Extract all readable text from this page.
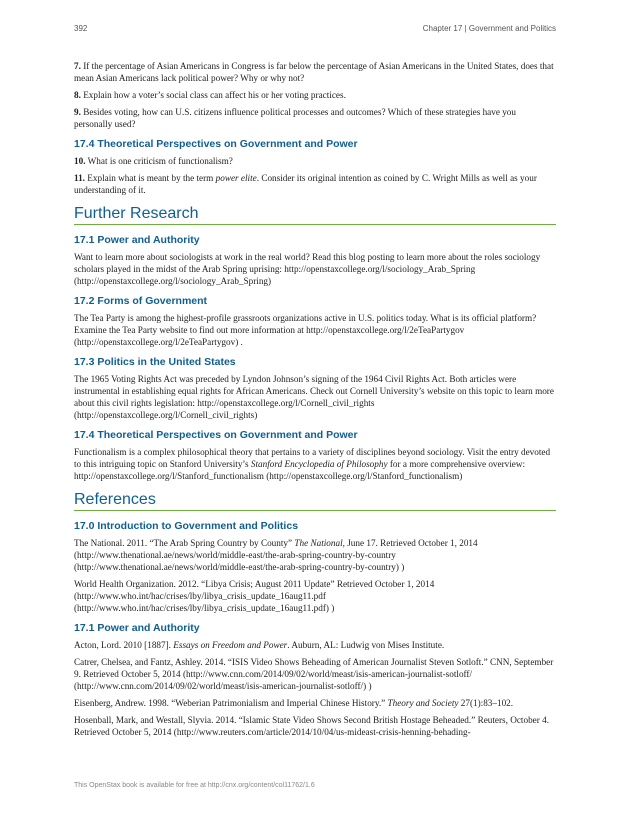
392	Chapter 17 | Government and Politics

7. If the percentage of Asian Americans in Congress is far below the percentage of Asian Americans in the United States, does that mean Asian Americans lack political power? Why or why not?

8. Explain how a voter’s social class can affect his or her voting practices.

9. Besides voting, how can U.S. citizens influence political processes and outcomes? Which of these strategies have you personally used?

17.4 Theoretical Perspectives on Government and Power

10. What is one criticism of functionalism?

11. Explain what is meant by the term power elite. Consider its original intention as coined by C. Wright Mills as well as your understanding of it.

Further Research
17.1 Power and Authority

Want to learn more about sociologists at work in the real world? Read this blog posting to learn more about the roles sociology scholars played in the midst of the Arab Spring uprising: http://openstaxcollege.org/l/sociology_Arab_Spring (http://openstaxcollege.org/l/sociology_Arab_Spring)

17.2 Forms of Government

The Tea Party is among the highest-profile grassroots organizations active in U.S. politics today. What is its official platform? Examine the Tea Party website to find out more information at http://openstaxcollege.org/l/2eTeaPartygov (http://openstaxcollege.org/l/2eTeaPartygov) .

17.3 Politics in the United States

The 1965 Voting Rights Act was preceded by Lyndon Johnson’s signing of the 1964 Civil Rights Act. Both articles were instrumental in establishing equal rights for African Americans. Check out Cornell University’s website on this topic to learn more about this civil rights legislation: http://openstaxcollege.org/l/Cornell_civil_rights (http://openstaxcollege.org/l/Cornell_civil_rights)

17.4 Theoretical Perspectives on Government and Power

Functionalism is a complex philosophical theory that pertains to a variety of disciplines beyond sociology. Visit the entry devoted to this intriguing topic on Stanford University’s Stanford Encyclopedia of Philosophy for a more comprehensive overview: http://openstaxcollege.org/l/Stanford_functionalism (http://openstaxcollege.org/l/Stanford_functionalism)

References
17.0 Introduction to Government and Politics

The National. 2011. “The Arab Spring Country by County” The National, June 17. Retrieved October 1, 2014 (http://www.thenational.ae/news/world/middle-east/the-arab-spring-country-by-country (http://www.thenational.ae/news/world/middle-east/the-arab-spring-country-by-country) )

World Health Organization. 2012. “Libya Crisis; August 2011 Update” Retrieved October 1, 2014 (http://www.who.int/hac/crises/lby/libya_crisis_update_16aug11.pdf (http://www.who.int/hac/crises/lby/libya_crisis_update_16aug11.pdf) )

17.1 Power and Authority

Acton, Lord. 2010 [1887]. Essays on Freedom and Power. Auburn, AL: Ludwig von Mises Institute.

Catrer, Chelsea, and Fantz, Ashley. 2014. “ISIS Video Shows Beheading of American Journalist Steven Sotloft.” CNN, September 9. Retrieved October 5, 2014 (http://www.cnn.com/2014/09/02/world/meast/isis-american-journalist-sotloff/ (http://www.cnn.com/2014/09/02/world/meast/isis-american-journalist-sotloff/) )

Eisenberg, Andrew. 1998. “Weberian Patrimonialism and Imperial Chinese History.” Theory and Society 27(1):83–102.

Hosenball, Mark, and Westall, Slyvia. 2014. “Islamic State Video Shows Second British Hostage Beheaded.” Reuters, October 4. Retrieved October 5, 2014 (http://www.reuters.com/article/2014/10/04/us-mideast-crisis-henning-behading-

This OpenStax book is available for free at http://cnx.org/content/col11762/1.6
